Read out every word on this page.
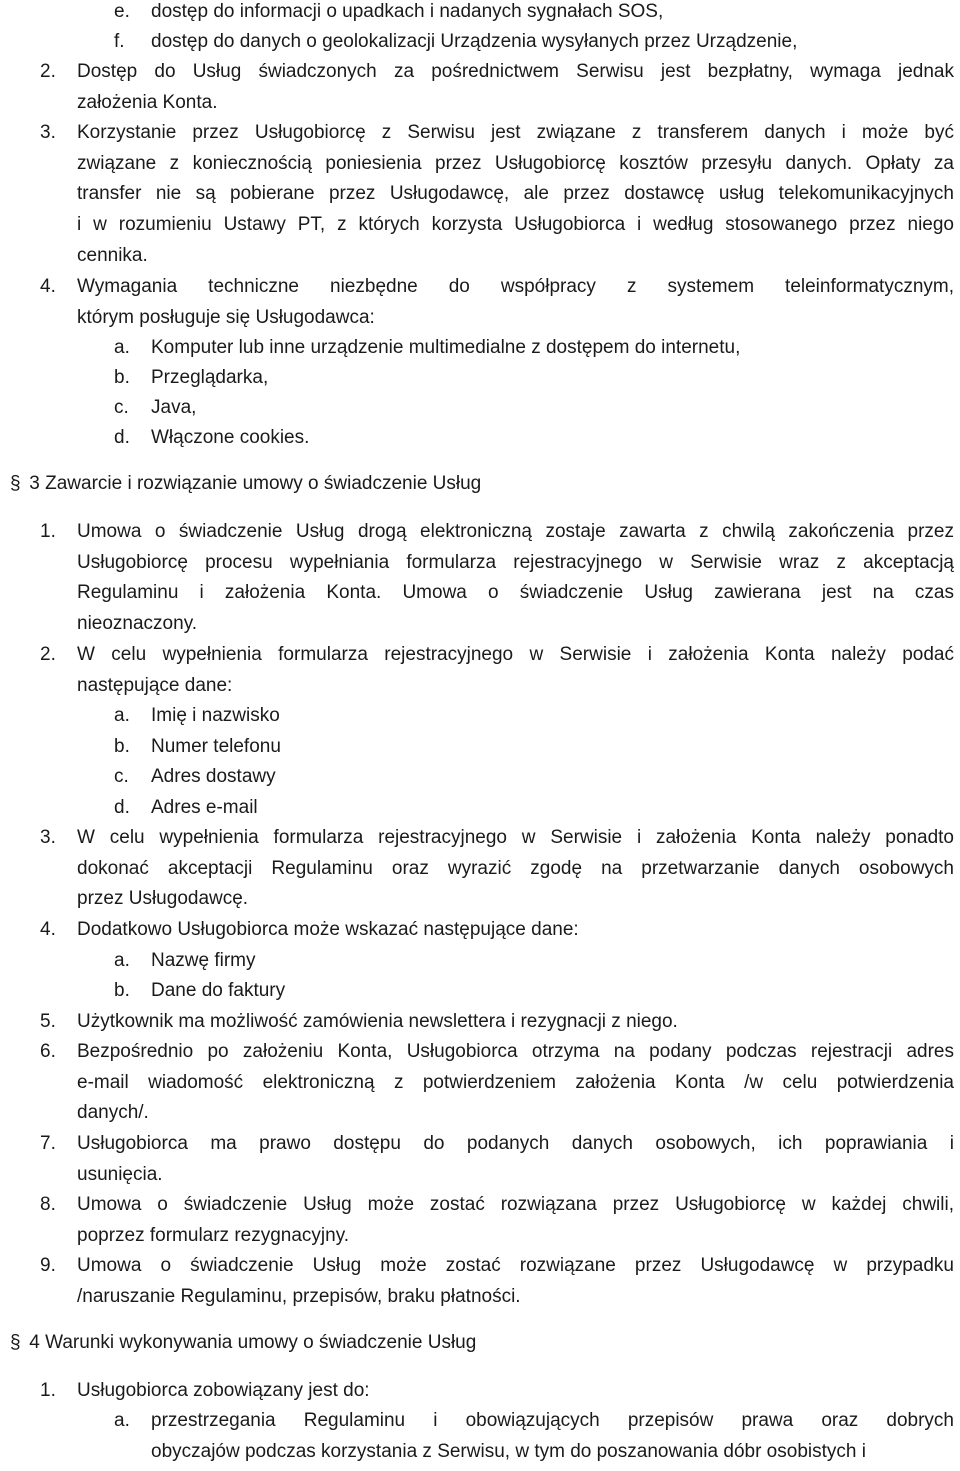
e. dostęp do informacji o upadkach i nadanych sygnałach SOS,
f. dostęp do danych o geolokalizacji Urządzenia wysyłanych przez Urządzenie,
2. Dostęp do Usług świadczonych za pośrednictwem Serwisu jest bezpłatny, wymaga jednak
założenia Konta.
3. Korzystanie przez Usługobiorcę z Serwisu jest związane z transferem danych i może być
związane z koniecznością poniesienia przez Usługobiorcę kosztów przesyłu danych. Opłaty za
transfer nie są pobierane przez Usługodawcę, ale przez dostawcę usług telekomunikacyjnych
i w rozumieniu Ustawy PT, z których korzysta Usługobiorca i według stosowanego przez niego
cennika.
4. Wymagania techniczne niezbędne do współpracy z systemem teleinformatycznym,
którym posługuje się Usługodawca:
a. Komputer lub inne urządzenie multimedialne z dostępem do internetu,
b. Przeglądarka,
c. Java,
d. Włączone cookies.
§ 3 Zawarcie i rozwiązanie umowy o świadczenie Usług
1. Umowa o świadczenie Usług drogą elektroniczną zostaje zawarta z chwilą zakończenia przez
Usługobiorcę procesu wypełniania formularza rejestracyjnego w Serwisie wraz z akceptacją
Regulaminu i założenia Konta. Umowa o świadczenie Usług zawierana jest na czas
nieoznaczony.
2. W celu wypełnienia formularza rejestracyjnego w Serwisie i założenia Konta należy podać
następujące dane:
a. Imię i nazwisko
b. Numer telefonu
c. Adres dostawy
d. Adres e-mail
3. W celu wypełnienia formularza rejestracyjnego w Serwisie i założenia Konta należy ponadto
dokonać akceptacji Regulaminu oraz wyrazić zgodę na przetwarzanie danych osobowych
przez Usługodawcę.
4. Dodatkowo Usługobiorca może wskazać następujące dane:
a. Nazwę firmy
b. Dane do faktury
5. Użytkownik ma możliwość zamówienia newslettera i rezygnacji z niego.
6. Bezpośrednio po założeniu Konta, Usługobiorca otrzyma na podany podczas rejestracji adres
e-mail wiadomość elektroniczną z potwierdzeniem założenia Konta /w celu potwierdzenia
danych/.
7. Usługobiorca ma prawo dostępu do podanych danych osobowych, ich poprawiania i
usunięcia.
8. Umowa o świadczenie Usług może zostać rozwiązana przez Usługobiorcę w każdej chwili,
poprzez formularz rezygnacyjny.
9. Umowa o świadczenie Usług może zostać rozwiązane przez Usługodawcę w przypadku
/naruszanie Regulaminu, przepisów, braku płatności.
§ 4 Warunki wykonywania umowy o świadczenie Usług
1. Usługobiorca zobowiązany jest do:
a. przestrzegania Regulaminu i obowiązujących przepisów prawa oraz dobrych
obyczajów podczas korzystania z Serwisu, w tym do poszanowania dóbr osobistych i
